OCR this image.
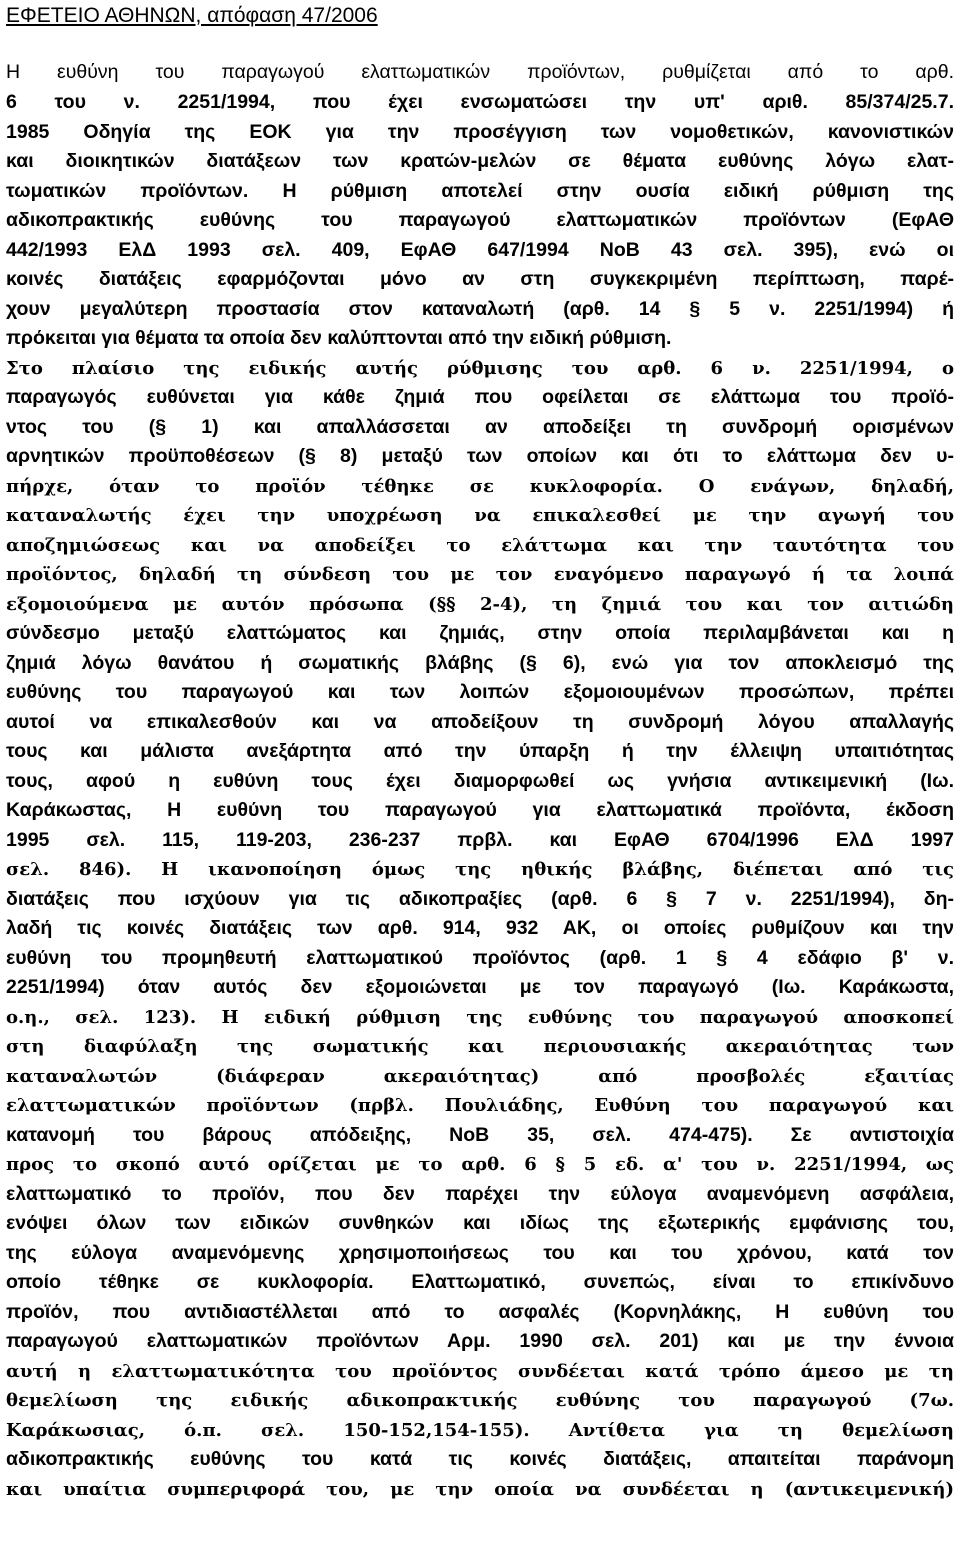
ΕΦΕΤΕΙΟ ΑΘΗΝΩΝ, απόφαση 47/2006
Η ευθύνη του παραγωγού ελαττωματικών προϊόντων, ρυθμίζεται από το αρθ.
6 του ν. 2251/1994, που έχει ενσωματώσει την υπ' αριθ. 85/374/25.7.
1985 Οδηγία της ΕΟΚ για την προσέγγιση των νομοθετικών, κανονιστικών
και διοικητικών διατάξεων των κρατών-μελών σε θέματα ευθύνης λόγω ελατ-
τωματικών προϊόντων. Η ρύθμιση αποτελεί στην ουσία ειδική ρύθμιση της
αδικοπρακτικής ευθύνης του παραγωγού ελαττωματικών προϊόντων (ΕφΑΘ
442/1993 ΕλΔ 1993 σελ. 409, ΕφΑΘ 647/1994 ΝοΒ 43 σελ. 395), ενώ οι
κοινές διατάξεις εφαρμόζονται μόνο αν στη συγκεκριμένη περίπτωση, παρέ-
χουν μεγαλύτερη προστασία στον καταναλωτή (αρθ. 14 § 5 ν. 2251/1994) ή
πρόκειται για θέματα τα οποία δεν καλύπτονται από την ειδική ρύθμιση.
Στο πλαίσιο της ειδικής αυτής ρύθμισης του αρθ. 6 ν. 2251/1994, ο
παραγωγός ευθύνεται για κάθε ζημιά που οφείλεται σε ελάττωμα του προϊό-
ντος του (§ 1) και απαλλάσσεται αν αποδείξει τη συνδρομή ορισμένων
αρνητικών προϋποθέσεων (§ 8) μεταξύ των οποίων και ότι το ελάττωμα δεν υ-
πήρχε, όταν το προϊόν τέθηκε σε κυκλοφορία. Ο ενάγων, δηλαδή,
καταναλωτής έχει την υποχρέωση να επικαλεσθεί με την αγωγή του
αποζημιώσεως και να αποδείξει το ελάττωμα και την ταυτότητα του
προϊόντος, δηλαδή τη σύνδεση του με τον εναγόμενο παραγωγό ή τα λοιπά
εξομοιούμενα με αυτόν πρόσωπα (§§ 2-4), τη ζημιά του και τον αιτιώδη
σύνδεσμο μεταξύ ελαττώματος και ζημιάς, στην οποία περιλαμβάνεται και η
ζημιά λόγω θανάτου ή σωματικής βλάβης (§ 6), ενώ για τον αποκλεισμό της
ευθύνης του παραγωγού και των λοιπών εξομοιουμένων προσώπων, πρέπει
αυτοί να επικαλεσθούν και να αποδείξουν τη συνδρομή λόγου απαλλαγής
τους και μάλιστα ανεξάρτητα από την ύπαρξη ή την έλλειψη υπαιτιότητας
τους, αφού η ευθύνη τους έχει διαμορφωθεί ως γνήσια αντικειμενική (Ιω.
Καράκωστας, Η ευθύνη του παραγωγού για ελαττωματικά προϊόντα, έκδοση
1995 σελ. 115, 119-203, 236-237 πρβλ. και ΕφΑΘ 6704/1996 ΕλΔ 1997
σελ. 846). Η ικανοποίηση όμως της ηθικής βλάβης, διέπεται από τις
διατάξεις που ισχύουν για τις αδικοπραξίες (αρθ. 6 § 7 ν. 2251/1994), δη-
λαδή τις κοινές διατάξεις των αρθ. 914, 932 ΑΚ, οι οποίες ρυθμίζουν και την
ευθύνη του προμηθευτή ελαττωματικού προϊόντος (αρθ. 1 § 4 εδάφιο β' ν.
2251/1994) όταν αυτός δεν εξομοιώνεται με τον παραγωγό (Ιω. Καράκωστα,
ο.η., σελ. 123). Η ειδική ρύθμιση της ευθύνης του παραγωγού αποσκοπεί
στη διαφύλαξη της σωματικής και περιουσιακής ακεραιότητας των
καταναλωτών (διάφεραν ακεραιότητας) από προσβολές εξαιτίας
ελαττωματικών προϊόντων (πρβλ. Πουλιάδης, Ευθύνη του παραγωγού και
κατανομή του βάρους απόδειξης, ΝοΒ 35, σελ. 474-475). Σε αντιστοιχία
προς το σκοπό αυτό ορίζεται με το αρθ. 6 § 5 εδ. α' του ν. 2251/1994, ως
ελαττωματικό το προϊόν, που δεν παρέχει την εύλογα αναμενόμενη ασφάλεια,
ενόψει όλων των ειδικών συνθηκών και ιδίως της εξωτερικής εμφάνισης του,
της εύλογα αναμενόμενης χρησιμοποιήσεως του και του χρόνου, κατά τον
οποίο τέθηκε σε κυκλοφορία. Ελαττωματικό, συνεπώς, είναι το επικίνδυνο
προϊόν, που αντιδιαστέλλεται από το ασφαλές (Κορνηλάκης, Η ευθύνη του
παραγωγού ελαττωματικών προϊόντων Αρμ. 1990 σελ. 201) και με την έννοια
αυτή η ελαττωματικότητα του προϊόντος συνδέεται κατά τρόπο άμεσο με τη
θεμελίωση της ειδικής αδικοπρακτικής ευθύνης του παραγωγού (7ω.
Καράκωσιας, ό.π. σελ. 150-152,154-155). Αντίθετα για τη θεμελίωση
αδικοπρακτικής ευθύνης του κατά τις κοινές διατάξεις, απαιτείται παράνομη
και υπαίτια συμπεριφορά του, με την οποία να συνδέεται η (αντικειμενική)
